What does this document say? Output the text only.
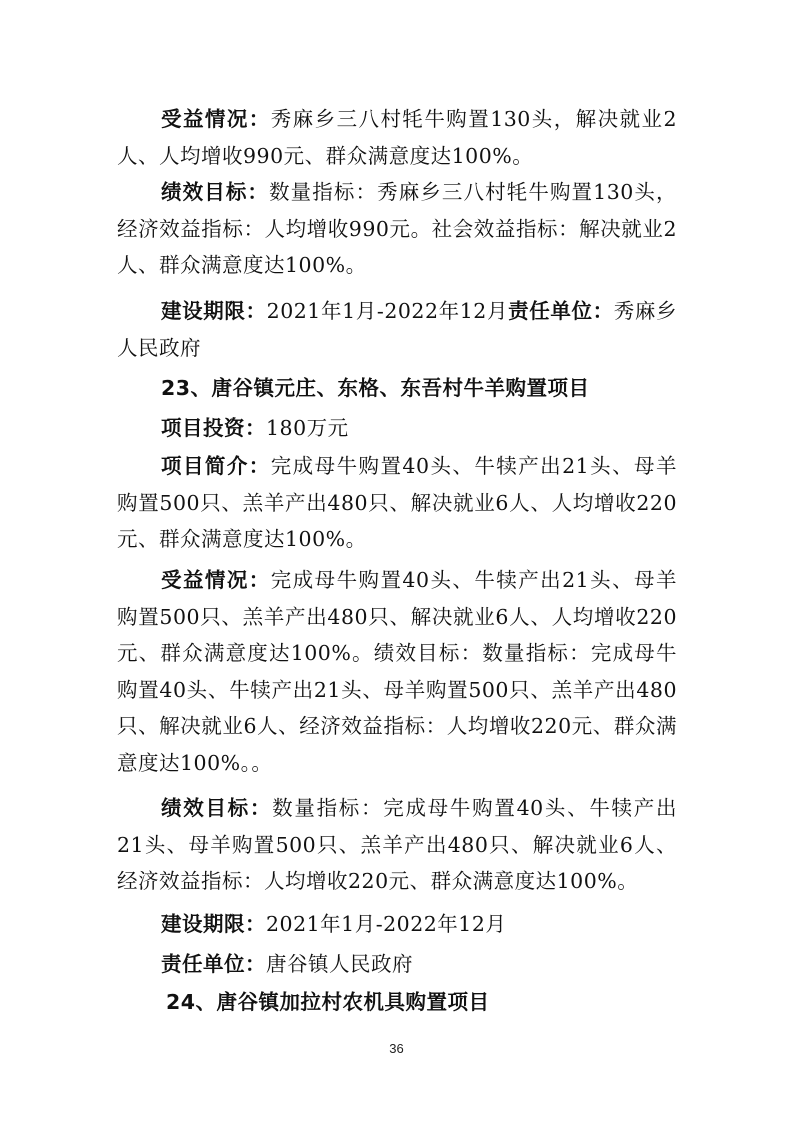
受益情况：秀麻乡三八村牦牛购置130头，解决就业2人、人均增收990元、群众满意度达100%。

绩效目标：数量指标：秀麻乡三八村牦牛购置130头，经济效益指标：人均增收990元。社会效益指标：解决就业2人、群众满意度达100%。

建设期限：2021年1月-2022年12月责任单位：秀麻乡人民政府

23、唐谷镇元庄、东格、东吾村牛羊购置项目

项目投资：180万元

项目简介：完成母牛购置40头、牛犊产出21头、母羊购置500只、羔羊产出480只、解决就业6人、人均增收220元、群众满意度达100%。

受益情况：完成母牛购置40头、牛犊产出21头、母羊购置500只、羔羊产出480只、解决就业6人、人均增收220元、群众满意度达100%。绩效目标：数量指标：完成母牛购置40头、牛犊产出21头、母羊购置500只、羔羊产出480只、解决就业6人、经济效益指标：人均增收220元、群众满意度达100%。。

绩效目标：数量指标：完成母牛购置40头、牛犊产出21头、母羊购置500只、羔羊产出480只、解决就业6人、经济效益指标：人均增收220元、群众满意度达100%。

建设期限：2021年1月-2022年12月

责任单位：唐谷镇人民政府

24、唐谷镇加拉村农机具购置项目
36
